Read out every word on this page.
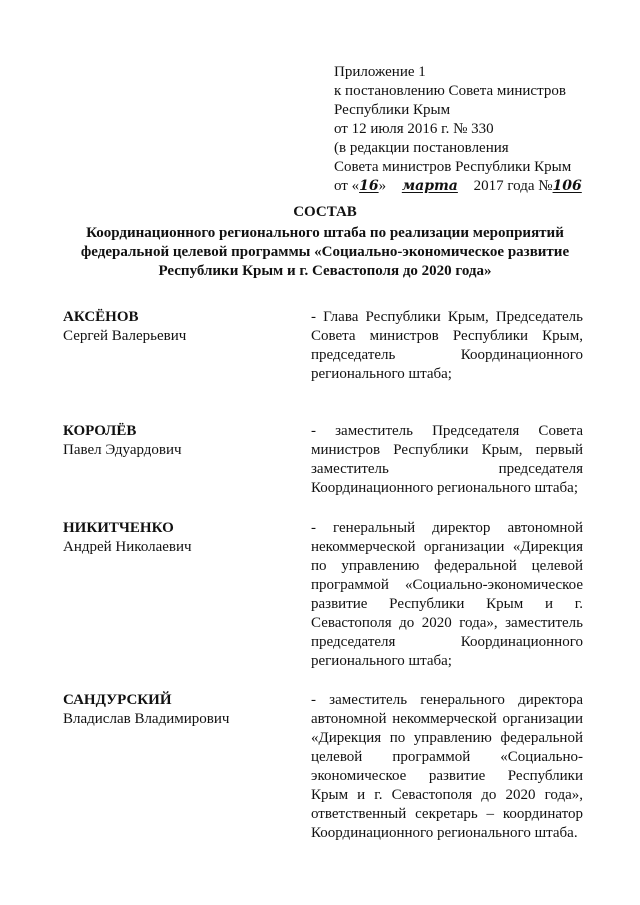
Приложение 1
к постановлению Совета министров
Республики Крым
от 12 июля 2016 г. № 330
(в редакции постановления
Совета министров Республики Крым
от «16» марта 2017 года №106
СОСТАВ
Координационного регионального штаба по реализации мероприятий федеральной целевой программы «Социально-экономическое развитие Республики Крым и г. Севастополя до 2020 года»
АКСЁНОВ
Сергей Валерьевич
- Глава Республики Крым, Председатель Совета министров Республики Крым, председатель Координационного регионального штаба;
КОРОЛЁВ
Павел Эдуардович
- заместитель Председателя Совета министров Республики Крым, первый заместитель председателя Координационного регионального штаба;
НИКИТЧЕНКО
Андрей Николаевич
- генеральный директор автономной некоммерческой организации «Дирекция по управлению федеральной целевой программой «Социально-экономическое развитие Республики Крым и г. Севастополя до 2020 года», заместитель председателя Координационного регионального штаба;
САНДУРСКИЙ
Владислав Владимирович
- заместитель генерального директора автономной некоммерческой организации «Дирекция по управлению федеральной целевой программой «Социально-экономическое развитие Республики Крым и г. Севастополя до 2020 года», ответственный секретарь – координатор Координационного регионального штаба.
